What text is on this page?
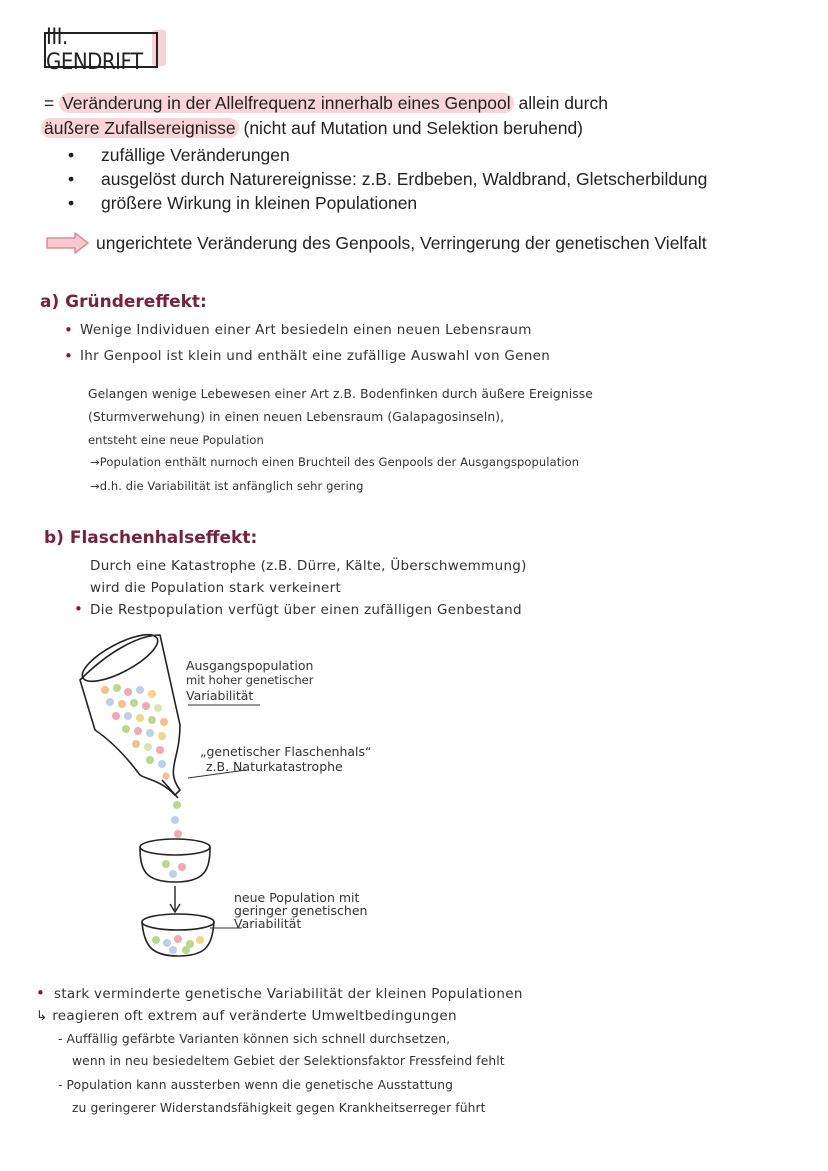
III. GENDRIFT
= Veränderung in der Allelfrequenz innerhalb eines Genpool allein durch
äußere Zufallsereignisse (nicht auf Mutation und Selektion beruhend)
• zufällige Veränderungen
• ausgelöst durch Naturereignisse: z.B. Erdbeben, Waldbrand, Gletscherbildung
• größere Wirkung in kleinen Populationen
ungerichtete Veränderung des Genpools, Verringerung der genetischen Vielfalt
a) Gründereffekt:
• Wenige Individuen einer Art besiedeln einen neuen Lebensraum
• Ihr Genpool ist klein und enthält eine zufällige Auswahl von Genen
Gelangen wenige Lebewesen einer Art z.B. Bodenfinken durch äußere Ereignisse
(Sturmverwehung) in einen neuen Lebensraum (Galapagosinseln),
entsteht eine neue Population
→Population enthält nurnoch einen Bruchteil des Genpools der Ausgangspopulation
→d.h. die Variabilität ist anfänglich sehr gering
b) Flaschenhalseffekt:
Durch eine Katastrophe (z.B. Dürre, Kälte, Überschwemmung)
wird die Population stark verkeinert
• Die Restpopulation verfügt über einen zufälligen Genbestand
Ausgangspopulation
mit hoher genetischer
Variabilität
„genetischer Flaschenhals“
z.B. Naturkatastrophe
neue Population mit
geringer genetischen
Variabilität
• stark verminderte genetische Variabilität der kleinen Populationen
↳ reagieren oft extrem auf veränderte Umweltbedingungen
- Auffällig gefärbte Varianten können sich schnell durchsetzen,
wenn in neu besiedeltem Gebiet der Selektionsfaktor Fressfeind fehlt
- Population kann aussterben wenn die genetische Ausstattung
zu geringerer Widerstandsfähigkeit gegen Krankheitserreger führt
